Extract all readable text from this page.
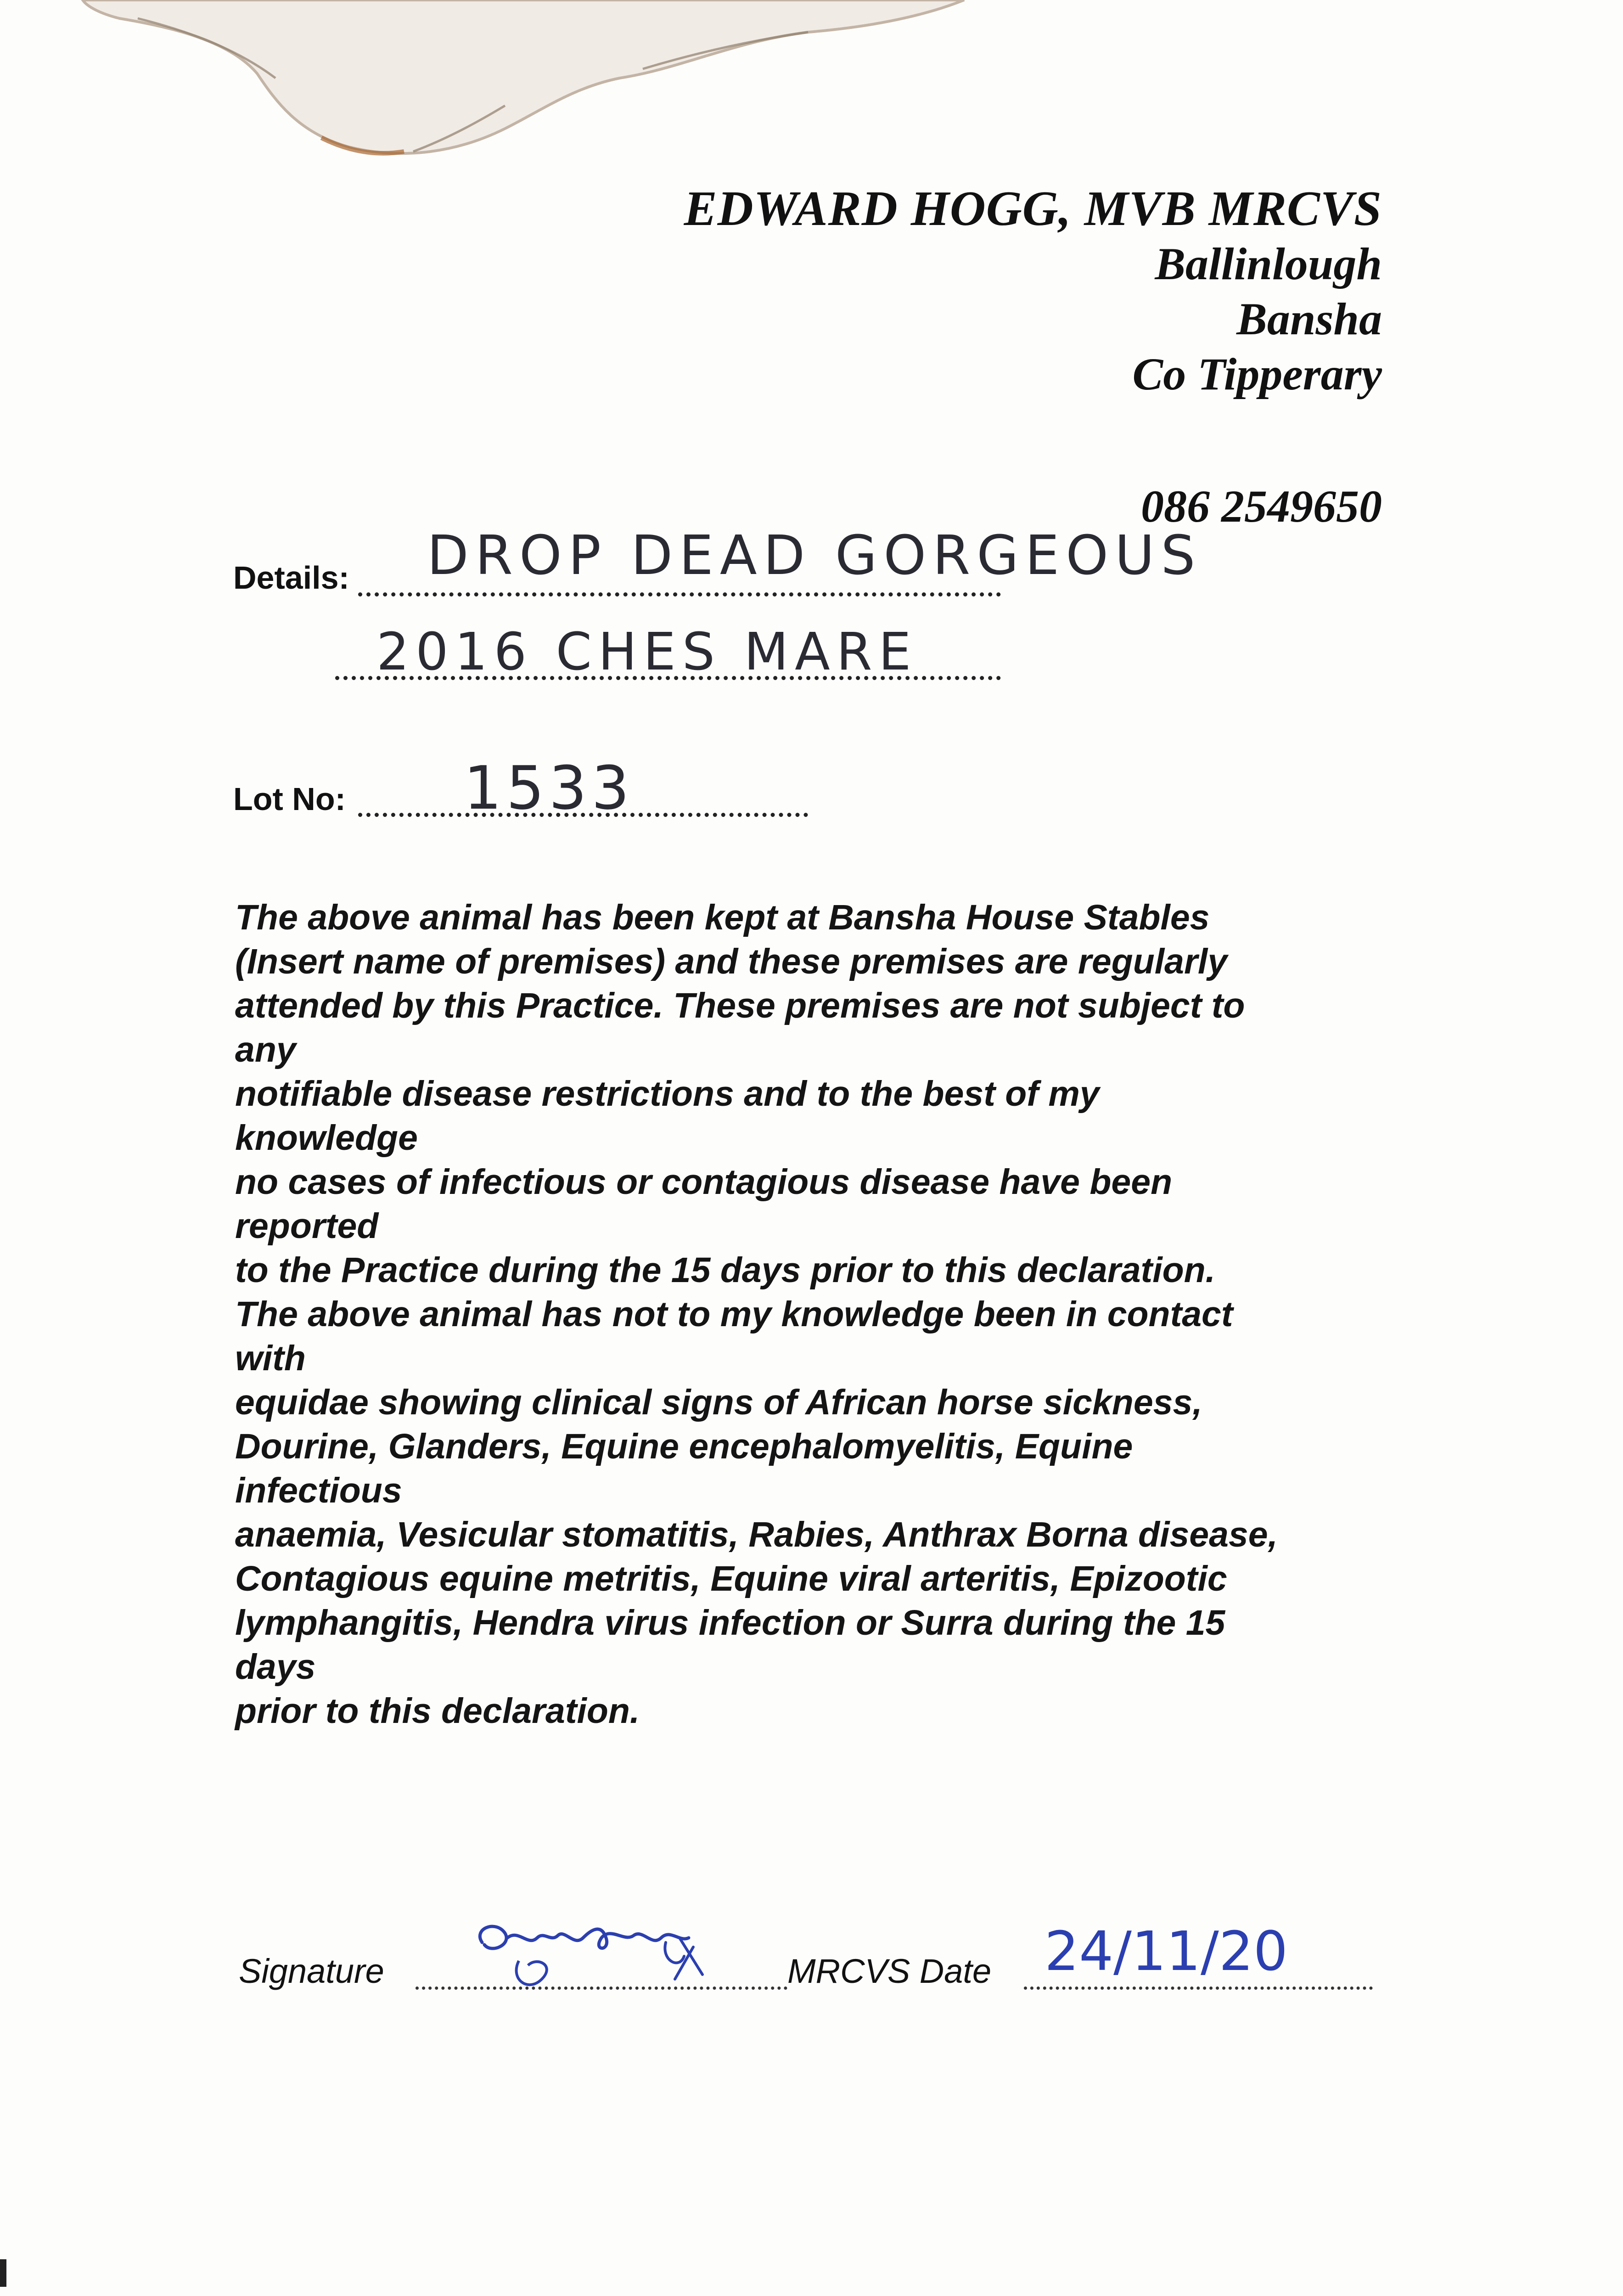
EDWARD HOGG, MVB MRCVS
Ballinlough
Bansha
Co Tipperary
086 2549650
Details: DROP DEAD GORGEOUS
2016 CHES MARE
Lot No: 1533
The above animal has been kept at Bansha House Stables
(Insert name of premises) and these premises are regularly
attended by this Practice. These premises are not subject to
any
notifiable disease restrictions and to the best of my
knowledge
no cases of infectious or contagious disease have been
reported
to the Practice during the 15 days prior to this declaration.
The above animal has not to my knowledge been in contact
with
equidae showing clinical signs of African horse sickness,
Dourine, Glanders, Equine encephalomyelitis, Equine
infectious
anaemia, Vesicular stomatitis, Rabies, Anthrax Borna disease,
Contagious equine metritis, Equine viral arteritis, Epizootic
lymphangitis, Hendra virus infection or Surra during the 15
days
prior to this declaration.
Signature	MRCVS Date 24/11/20
